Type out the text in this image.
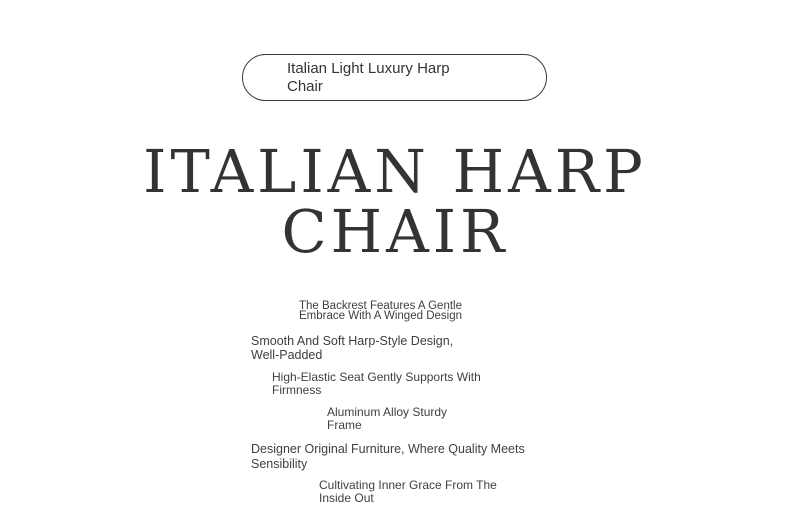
Italian Light Luxury Harp Chair
ITALIAN HARP
CHAIR

The Backrest Features A Gentle Embrace With A Winged Design

Smooth And Soft Harp-Style Design, Well-Padded

High-Elastic Seat Gently Supports With Firmness

Aluminum Alloy Sturdy Frame

Designer Original Furniture, Where Quality Meets Sensibility

Cultivating Inner Grace From The Inside Out
